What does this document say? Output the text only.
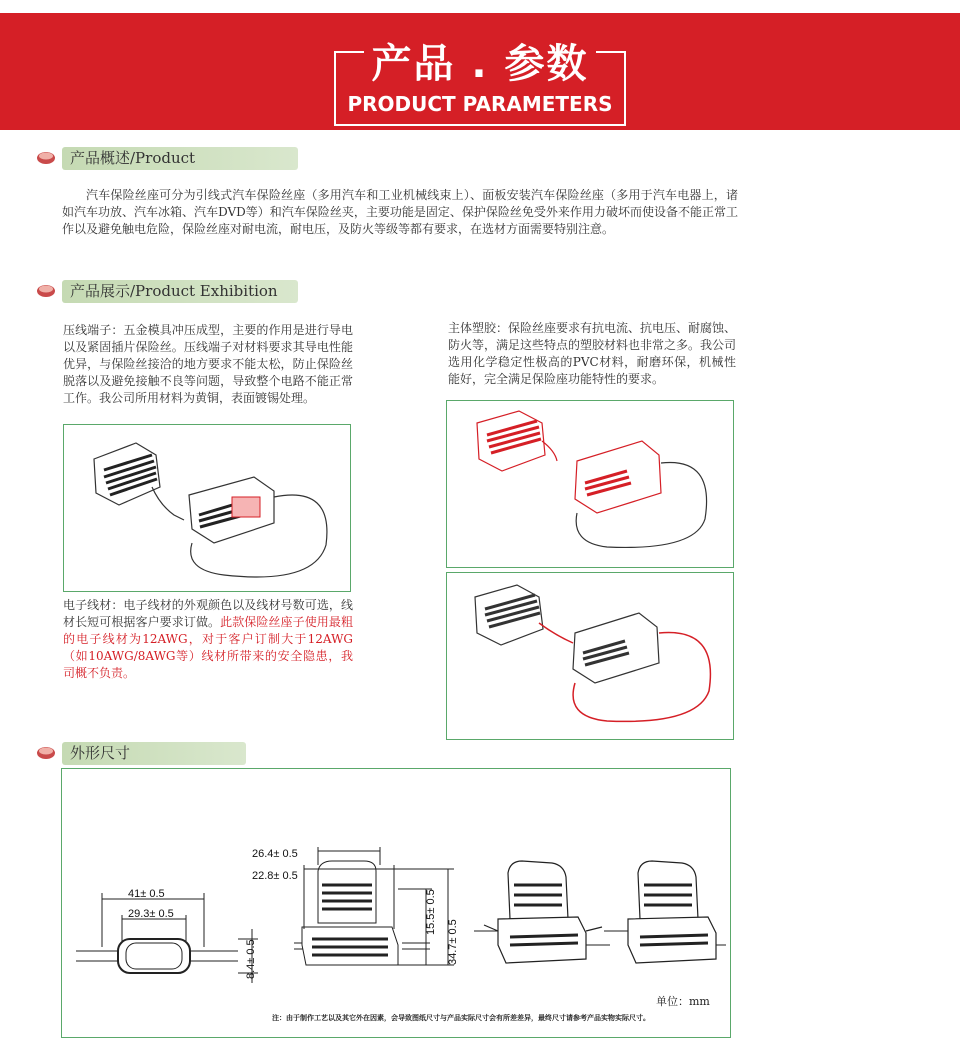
产品 . 参数
PRODUCT PARAMETERS
产品概述/Product
汽车保险丝座可分为引线式汽车保险丝座（多用汽车和工业机械线束上）、面板安装汽车保险丝座（多用于汽车电器上，诸如汽车功放、汽车冰箱、汽车DVD等）和汽车保险丝夹，主要功能是固定、保护保险丝免受外来作用力破坏而使设备不能正常工作以及避免触电危险，保险丝座对耐电流，耐电压，及防火等级等都有要求，在选材方面需要特别注意。
产品展示/Product Exhibition
压线端子：五金模具冲压成型，主要的作用是进行导电以及紧固插片保险丝。压线端子对材料要求其导电性能优异，与保险丝接洽的地方要求不能太松，防止保险丝脱落以及避免接触不良等问题，导致整个电路不能正常工作。我公司所用材料为黄铜，表面镀锡处理。
主体塑胶：保险丝座要求有抗电流、抗电压、耐腐蚀、防火等，满足这些特点的塑胶材料也非常之多。我公司选用化学稳定性极高的PVC材料，耐磨环保，机械性能好，完全满足保险座功能特性的要求。
电子线材：电子线材的外观颜色以及线材号数可选，线材长短可根据客户要求订做。此款保险丝座子使用最粗的电子线材为12AWG，对于客户订制大于12AWG（如10AWG/8AWG等）线材所带来的安全隐患，我司概不负责。
外形尺寸
41± 0.5
29.3± 0.5
8.4± 0.5
26.4± 0.5
22.8± 0.5
15.5± 0.5
34.7± 0.5
单位：mm
注：由于制作工艺以及其它外在因素，会导致图纸尺寸与产品实际尺寸会有所差差异，最终尺寸请参考产品实物实际尺寸。
